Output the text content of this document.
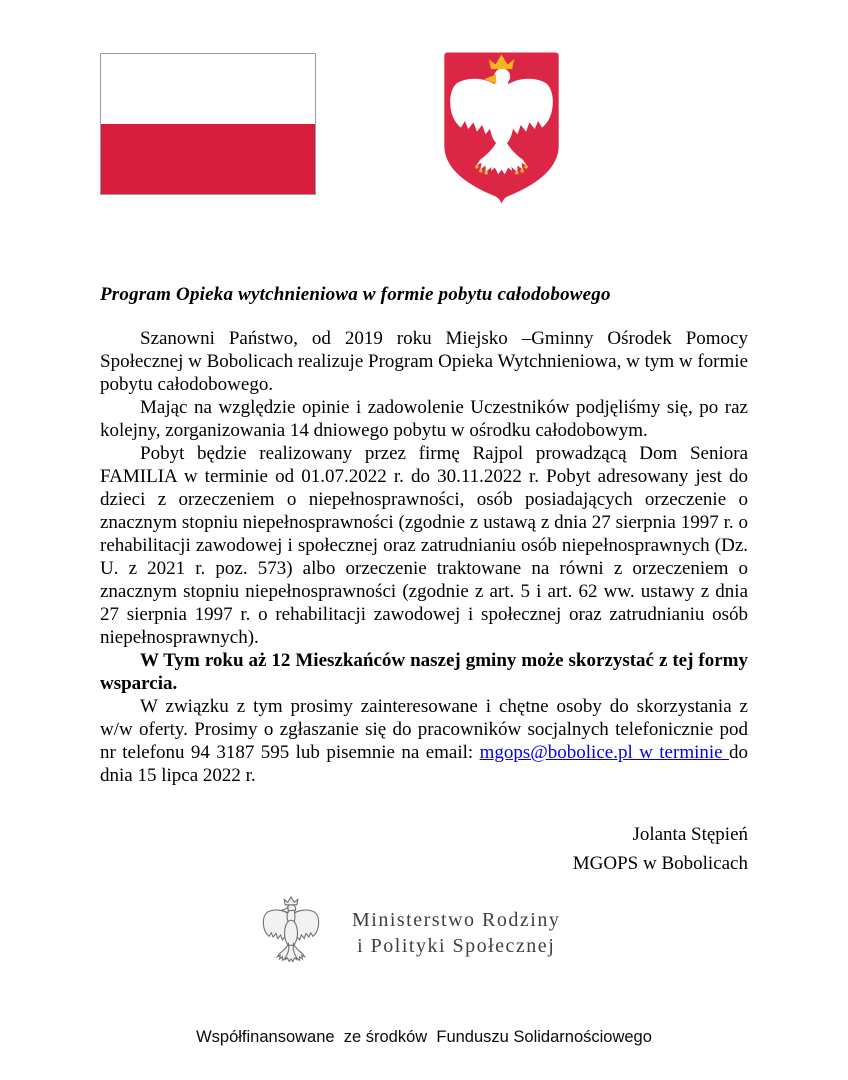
Program Opieka wytchnieniowa w formie pobytu całodobowego

Szanowni Państwo, od 2019 roku Miejsko –Gminny Ośrodek Pomocy Społecznej w Bobolicach realizuje Program Opieka Wytchnieniowa, w tym w formie pobytu całodobowego.

Mając na względzie opinie i zadowolenie Uczestników podjęliśmy się, po raz kolejny, zorganizowania 14 dniowego pobytu w ośrodku całodobowym.

Pobyt będzie realizowany przez firmę Rajpol prowadzącą Dom Seniora FAMILIA w terminie od 01.07.2022 r. do 30.11.2022 r. Pobyt adresowany jest do dzieci z orzeczeniem o niepełnosprawności, osób posiadających orzeczenie o znacznym stopniu niepełnosprawności (zgodnie z ustawą z dnia 27 sierpnia 1997 r. o rehabilitacji zawodowej i społecznej oraz zatrudnianiu osób niepełnosprawnych (Dz. U. z 2021 r. poz. 573) albo orzeczenie traktowane na równi z orzeczeniem o znacznym stopniu niepełnosprawności (zgodnie z art. 5 i art. 62 ww. ustawy z dnia 27 sierpnia 1997 r. o rehabilitacji zawodowej i społecznej oraz zatrudnianiu osób niepełnosprawnych).

W Tym roku aż 12 Mieszkańców naszej gminy może skorzystać z tej formy wsparcia.

W związku z tym prosimy zainteresowane i chętne osoby do skorzystania z w/w oferty. Prosimy o zgłaszanie się do pracowników socjalnych telefonicznie pod nr telefonu 94 3187 595 lub pisemnie na email: mgops@bobolice.pl w terminie do dnia 15 lipca 2022 r.

Jolanta Stępień
MGOPS w Bobolicach
Ministerstwo Rodziny
i Polityki Społecznej
Współfinansowane  ze środków  Funduszu Solidarnościowego
